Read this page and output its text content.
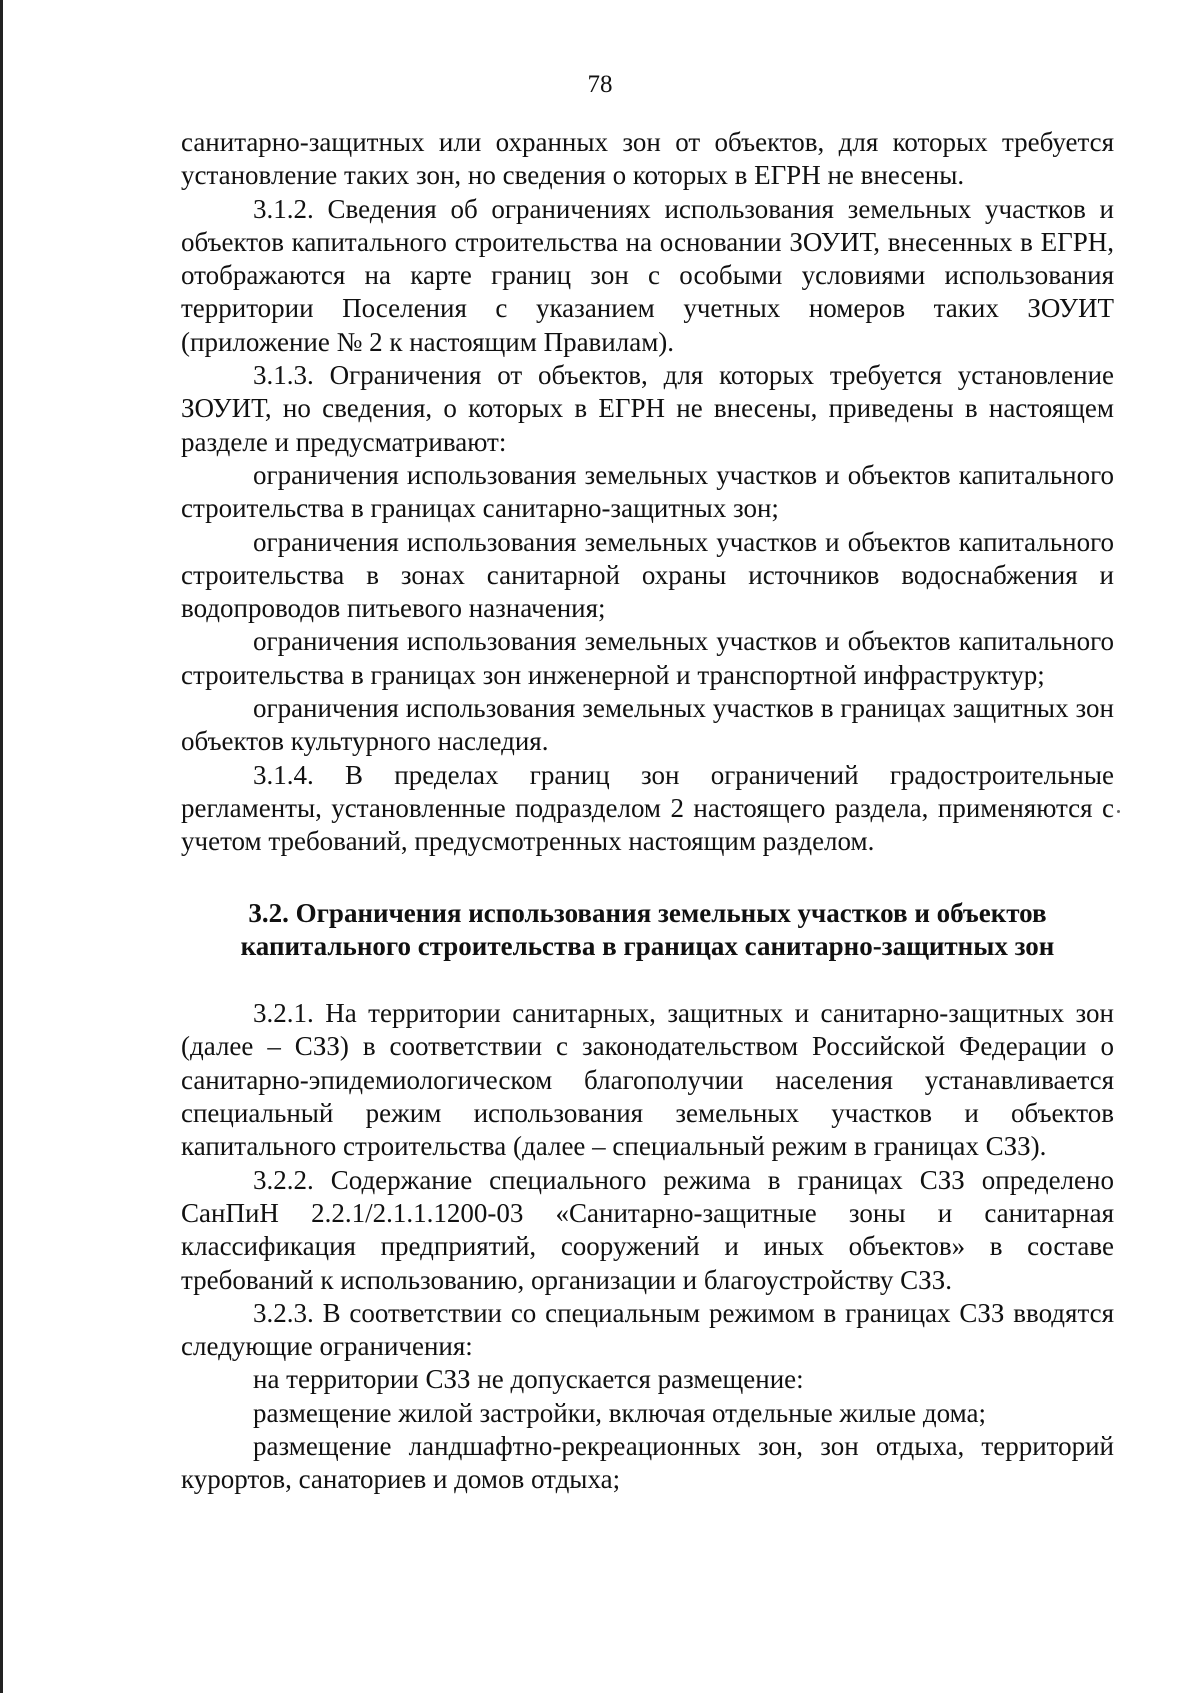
78

санитарно-защитных или охранных зон от объектов, для которых требуется установление таких зон, но сведения о которых в ЕГРН не внесены.

3.1.2. Сведения об ограничениях использования земельных участков и объектов капитального строительства на основании ЗОУИТ, внесенных в ЕГРН, отображаются на карте границ зон с особыми условиями использования территории Поселения с указанием учетных номеров таких ЗОУИТ (приложение № 2 к настоящим Правилам).

3.1.3. Ограничения от объектов, для которых требуется установление ЗОУИТ, но сведения, о которых в ЕГРН не внесены, приведены в настоящем разделе и предусматривают:

ограничения использования земельных участков и объектов капитального строительства в границах санитарно-защитных зон;

ограничения использования земельных участков и объектов капитального строительства в зонах санитарной охраны источников водоснабжения и водопроводов питьевого назначения;

ограничения использования земельных участков и объектов капитального строительства в границах зон инженерной и транспортной инфраструктур;

ограничения использования земельных участков в границах защитных зон объектов культурного наследия.

3.1.4. В пределах границ зон ограничений градостроительные регламенты, установленные подразделом 2 настоящего раздела, применяются с учетом требований, предусмотренных настоящим разделом.

3.2. Ограничения использования земельных участков и объектов
капитального строительства в границах санитарно-защитных зон

3.2.1. На территории санитарных, защитных и санитарно-защитных зон (далее – СЗЗ) в соответствии с законодательством Российской Федерации о санитарно-эпидемиологическом благополучии населения устанавливается специальный режим использования земельных участков и объектов капитального строительства (далее – специальный режим в границах СЗЗ).

3.2.2. Содержание специального режима в границах СЗЗ определено СанПиН 2.2.1/2.1.1.1200-03 «Санитарно-защитные зоны и санитарная классификация предприятий, сооружений и иных объектов» в составе требований к использованию, организации и благоустройству СЗЗ.

3.2.3. В соответствии со специальным режимом в границах СЗЗ вводятся следующие ограничения:

на территории СЗЗ не допускается размещение:

размещение жилой застройки, включая отдельные жилые дома;

размещение ландшафтно-рекреационных зон, зон отдыха, территорий курортов, санаториев и домов отдыха;
